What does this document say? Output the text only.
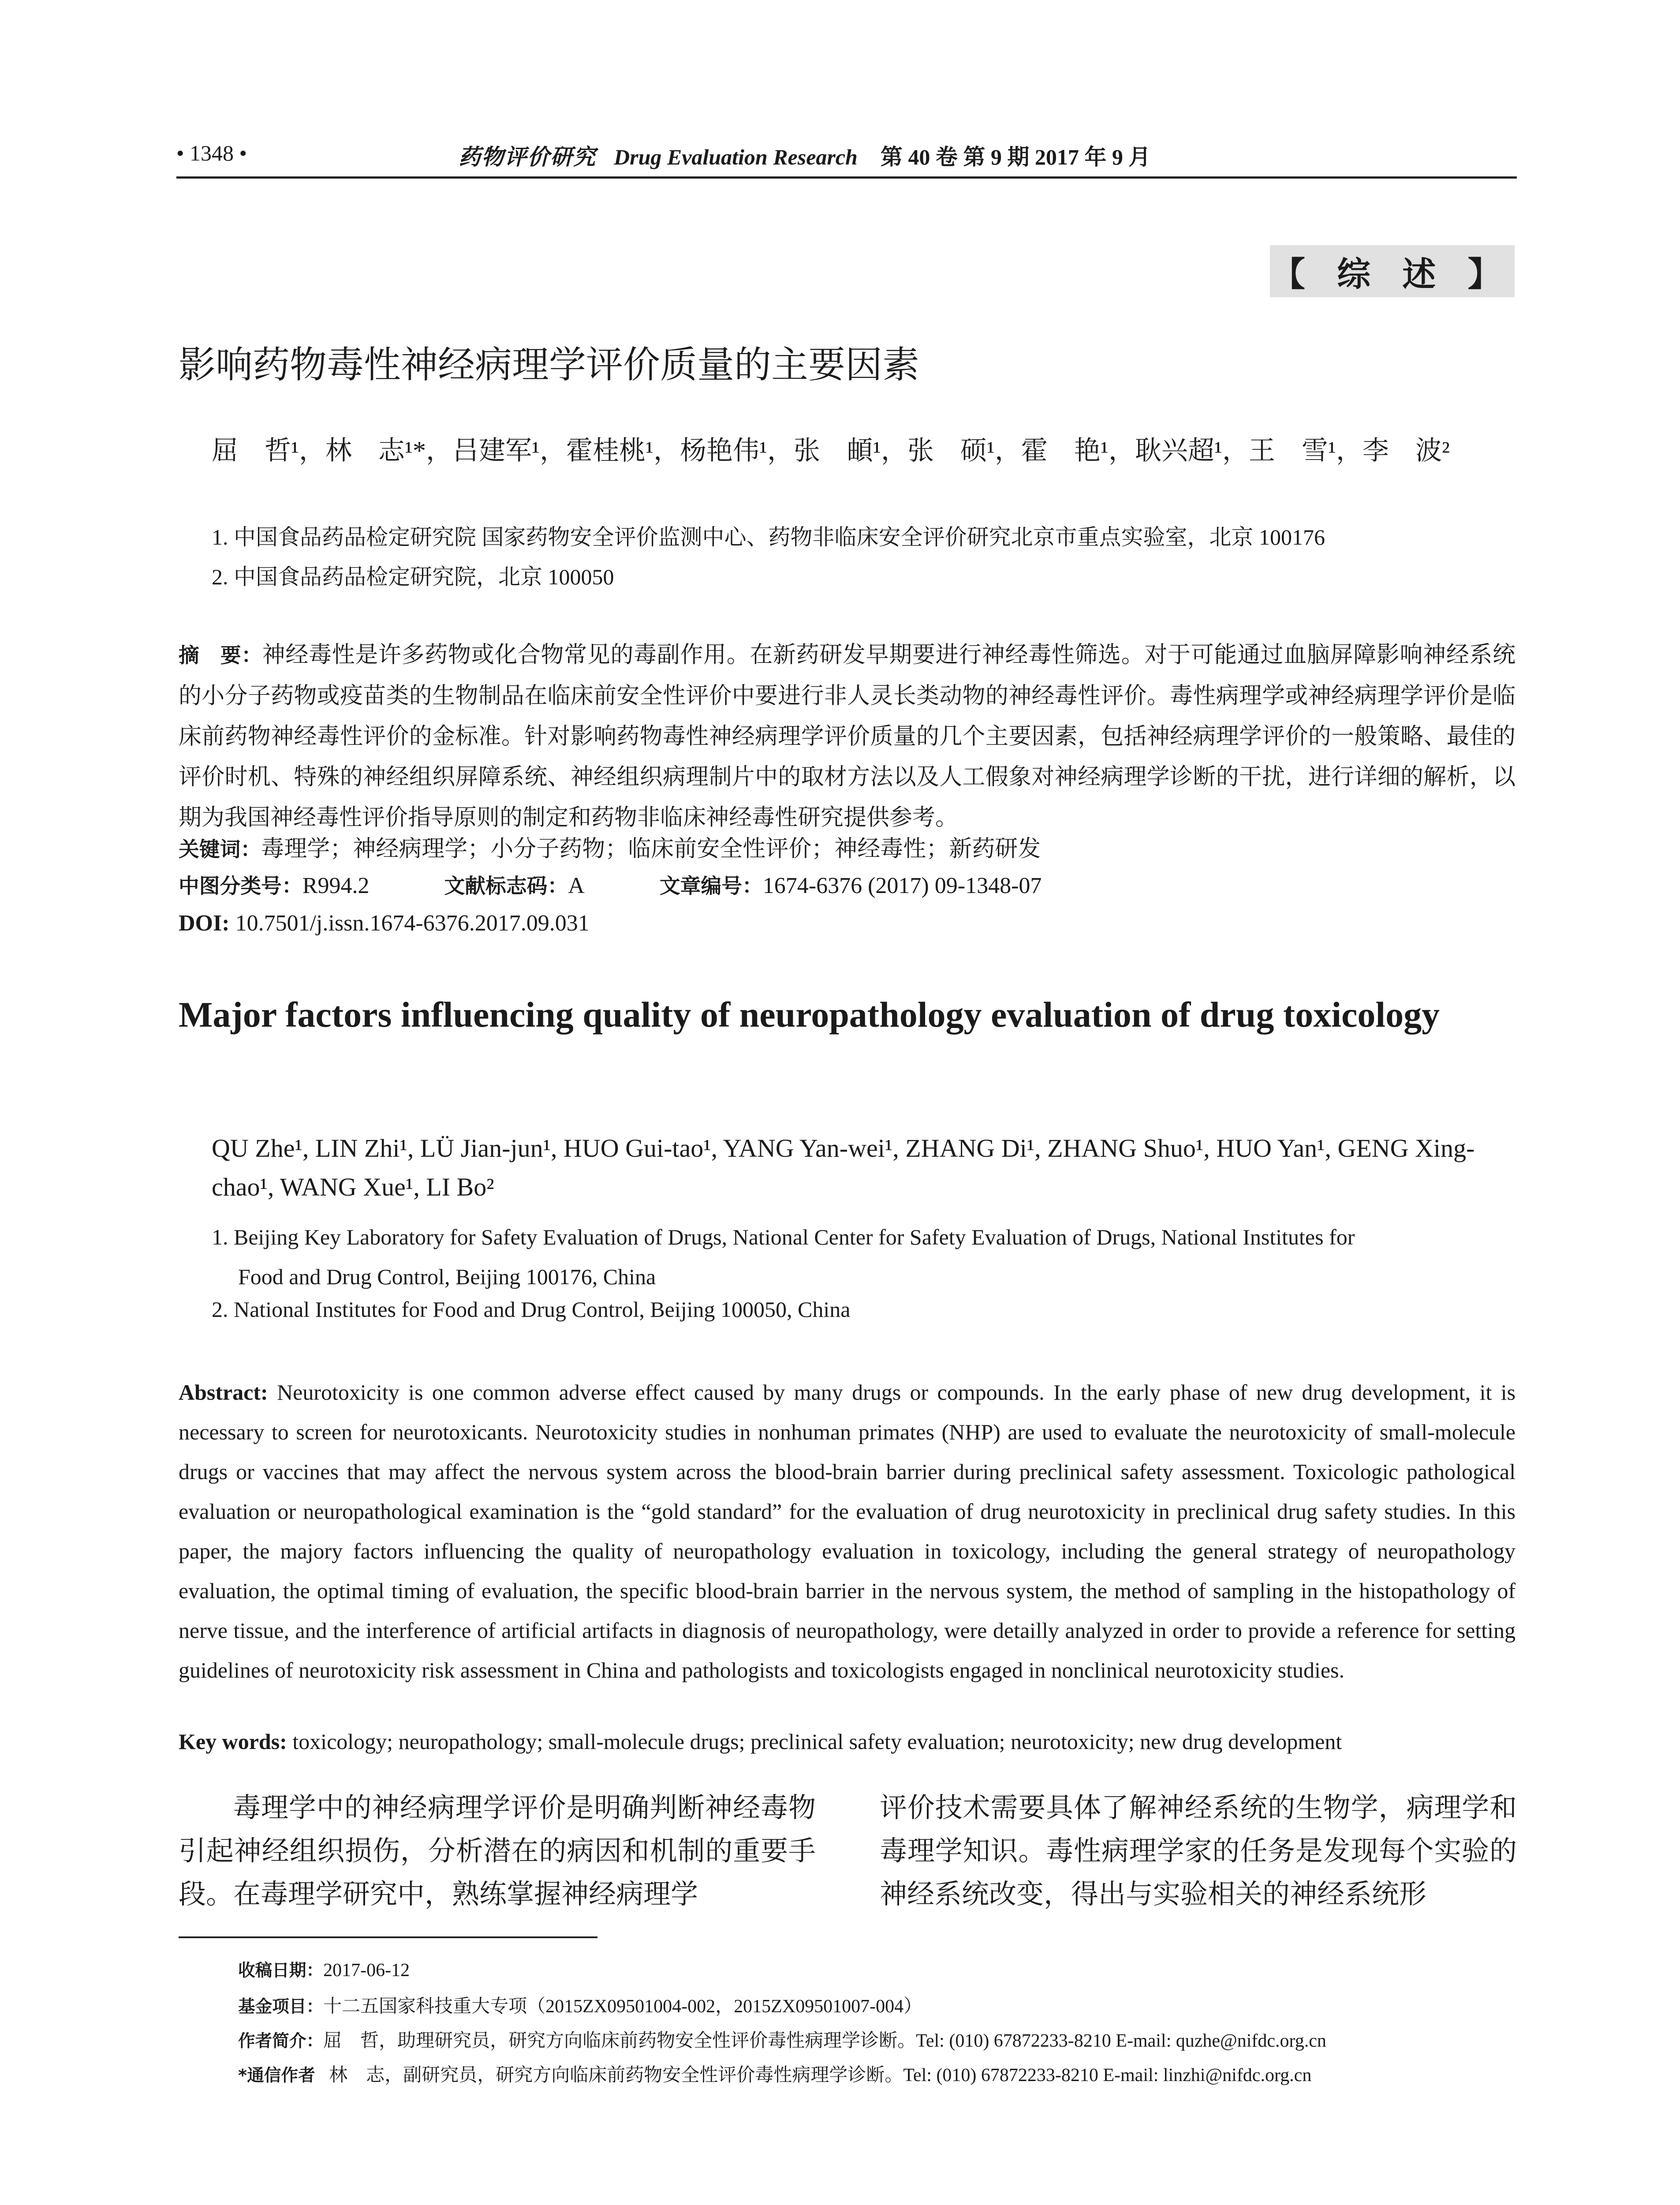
• 1348 •	药物评价研究 Drug Evaluation Research 第 40 卷 第 9 期 2017 年 9 月
【 综 述 】
影响药物毒性神经病理学评价质量的主要因素
屈　哲¹，林　志¹*，吕建军¹，霍桂桃¹，杨艳伟¹，张　頔¹，张　硕¹，霍　艳¹，耿兴超¹，王　雪¹，李　波²
1. 中国食品药品检定研究院 国家药物安全评价监测中心、药物非临床安全评价研究北京市重点实验室，北京 100176
2. 中国食品药品检定研究院，北京 100050
摘　要：神经毒性是许多药物或化合物常见的毒副作用。在新药研发早期要进行神经毒性筛选。对于可能通过血脑屏障影响神经系统的小分子药物或疫苗类的生物制品在临床前安全性评价中要进行非人灵长类动物的神经毒性评价。毒性病理学或神经病理学评价是临床前药物神经毒性评价的金标准。针对影响药物毒性神经病理学评价质量的几个主要因素，包括神经病理学评价的一般策略、最佳的评价时机、特殊的神经组织屏障系统、神经组织病理制片中的取材方法以及人工假象对神经病理学诊断的干扰，进行详细的解析，以期为我国神经毒性评价指导原则的制定和药物非临床神经毒性研究提供参考。
关键词：毒理学；神经病理学；小分子药物；临床前安全性评价；神经毒性；新药研发
中图分类号：R994.2	文献标志码：A	文章编号：1674-6376 (2017) 09-1348-07
DOI: 10.7501/j.issn.1674-6376.2017.09.031
Major factors influencing quality of neuropathology evaluation of drug toxicology
QU Zhe¹, LIN Zhi¹, LÜ Jian-jun¹, HUO Gui-tao¹, YANG Yan-wei¹, ZHANG Di¹, ZHANG Shuo¹, HUO Yan¹, GENG Xing-chao¹, WANG Xue¹, LI Bo²
1. Beijing Key Laboratory for Safety Evaluation of Drugs, National Center for Safety Evaluation of Drugs, National Institutes for
Food and Drug Control, Beijing 100176, China
2. National Institutes for Food and Drug Control, Beijing 100050, China
Abstract: Neurotoxicity is one common adverse effect caused by many drugs or compounds. In the early phase of new drug development, it is necessary to screen for neurotoxicants. Neurotoxicity studies in nonhuman primates (NHP) are used to evaluate the neurotoxicity of small-molecule drugs or vaccines that may affect the nervous system across the blood-brain barrier during preclinical safety assessment. Toxicologic pathological evaluation or neuropathological examination is the “gold standard” for the evaluation of drug neurotoxicity in preclinical drug safety studies. In this paper, the majory factors influencing the quality of neuropathology evaluation in toxicology, including the general strategy of neuropathology evaluation, the optimal timing of evaluation, the specific blood-brain barrier in the nervous system, the method of sampling in the histopathology of nerve tissue, and the interference of artificial artifacts in diagnosis of neuropathology, were detailly analyzed in order to provide a reference for setting guidelines of neurotoxicity risk assessment in China and pathologists and toxicologists engaged in nonclinical neurotoxicity studies.
Key words: toxicology; neuropathology; small-molecule drugs; preclinical safety evaluation; neurotoxicity; new drug development
毒理学中的神经病理学评价是明确判断神经毒物引起神经组织损伤，分析潜在的病因和机制的重要手段。在毒理学研究中，熟练掌握神经病理学
评价技术需要具体了解神经系统的生物学，病理学和毒理学知识。毒性病理学家的任务是发现每个实验的神经系统改变，得出与实验相关的神经系统形
收稿日期：2017-06-12
基金项目：十二五国家科技重大专项（2015ZX09501004-002，2015ZX09501007-004）
作者简介：屈　哲，助理研究员，研究方向临床前药物安全性评价毒性病理学诊断。Tel: (010) 67872233-8210 E-mail: quzhe@nifdc.org.cn
*通信作者 林　志，副研究员，研究方向临床前药物安全性评价毒性病理学诊断。Tel: (010) 67872233-8210 E-mail: linzhi@nifdc.org.cn
